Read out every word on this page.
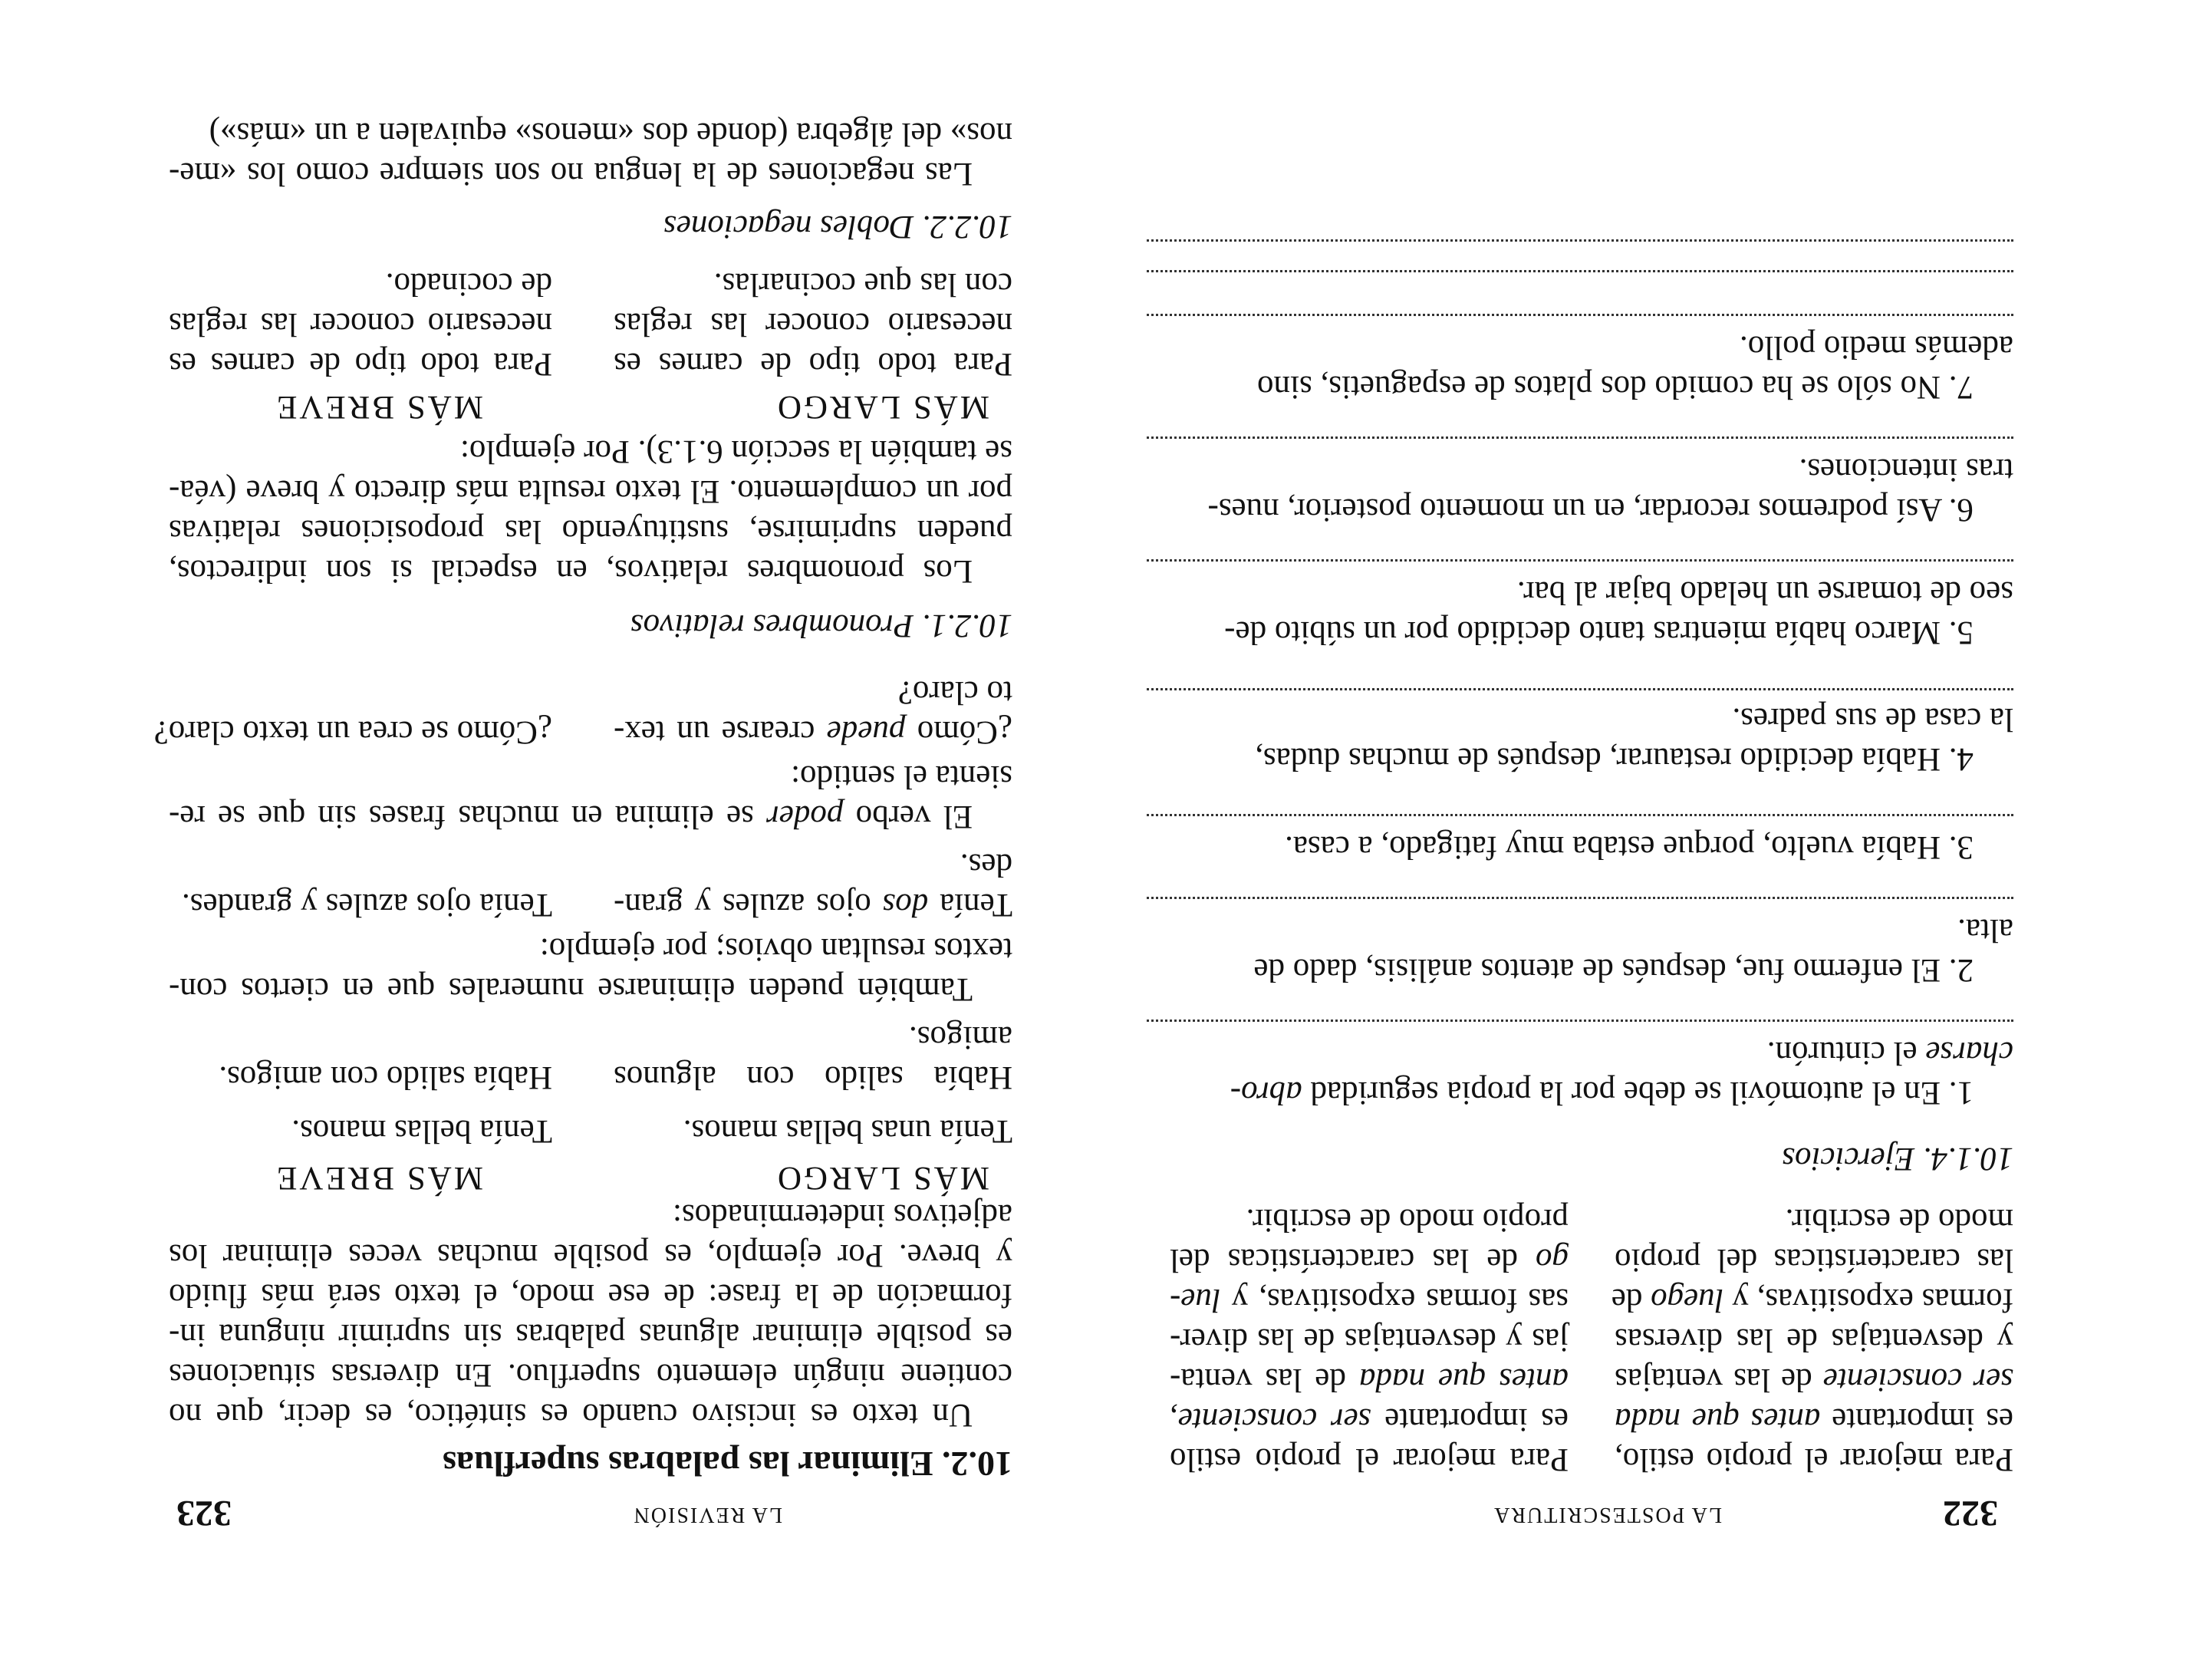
322
LA POSTESCRITURA
Para mejorar el propio estilo,
es importante antes que nada
ser consciente de las ventajas
y desventajas de las diversas
formas expositivas, y luego de
las características del propio
modo de escribir.
Para mejorar el propio estilo
es importante ser consciente,
antes que nada de las venta-
jas y desventajas de las diver-
sas formas expositivas, y lue-
go de las características del
propio modo de escribir.
10.1.4. Ejercicios
1. En el automóvil se debe por la propia seguridad abro-
charse el cinturón.
2. El enfermo fue, después de atentos análisis, dado de
alta.
3. Había vuelto, porque estaba muy fatigado, a casa.
4. Había decidido restaurar, después de muchas dudas,
la casa de sus padres.
5. Marco había mientras tanto decidido por un súbito de-
seo de tomarse un helado bajar al bar.
6. Así podremos recordar, en un momento posterior, nues-
tras intenciones.
7. No sólo se ha comido dos platos de espaguetis, sino
además medio pollo.
LA REVISIÓN
323
10.2. Eliminar las palabras superfluas
Un texto es incisivo cuando es sintético, es decir, que no
contiene ningún elemento superfluo. En diversas situaciones
es posible eliminar algunas palabras sin suprimir ninguna in-
formación de la frase: de ese modo, el texto será más fluido
y breve. Por ejemplo, es posible muchas veces eliminar los
adjetivos indeterminados:
MÁS LARGO
MÁS BREVE
Tenía unas bellas manos.
Tenía bellas manos.
Había salido con algunos
amigos.
Había salido con amigos.
También pueden eliminarse numerales que en ciertos con-
textos resultan obvios; por ejemplo:
Tenía dos ojos azules y gran-
des.
Tenía ojos azules y grandes.
El verbo poder se elimina en muchas frases sin que se re-
sienta el sentido:
¿Cómo puede crearse un tex-
to claro?
¿Cómo se crea un texto claro?
10.2.1. Pronombres relativos
Los pronombres relativos, en especial si son indirectos,
pueden suprimirse, sustituyendo las proposiciones relativas
por un complemento. El texto resulta más directo y breve (véa-
se también la sección 6.1.3). Por ejemplo:
MÁS LARGO
MÁS BREVE
Para todo tipo de carnes es
necesario conocer las reglas
con las que cocinarlas.
Para todo tipo de carnes es
necesario conocer las reglas
de cocinado.
10.2.2. Dobles negaciones
Las negaciones de la lengua no son siempre como los «me-
nos» del álgebra (donde dos «menos» equivalen a un «más»)
